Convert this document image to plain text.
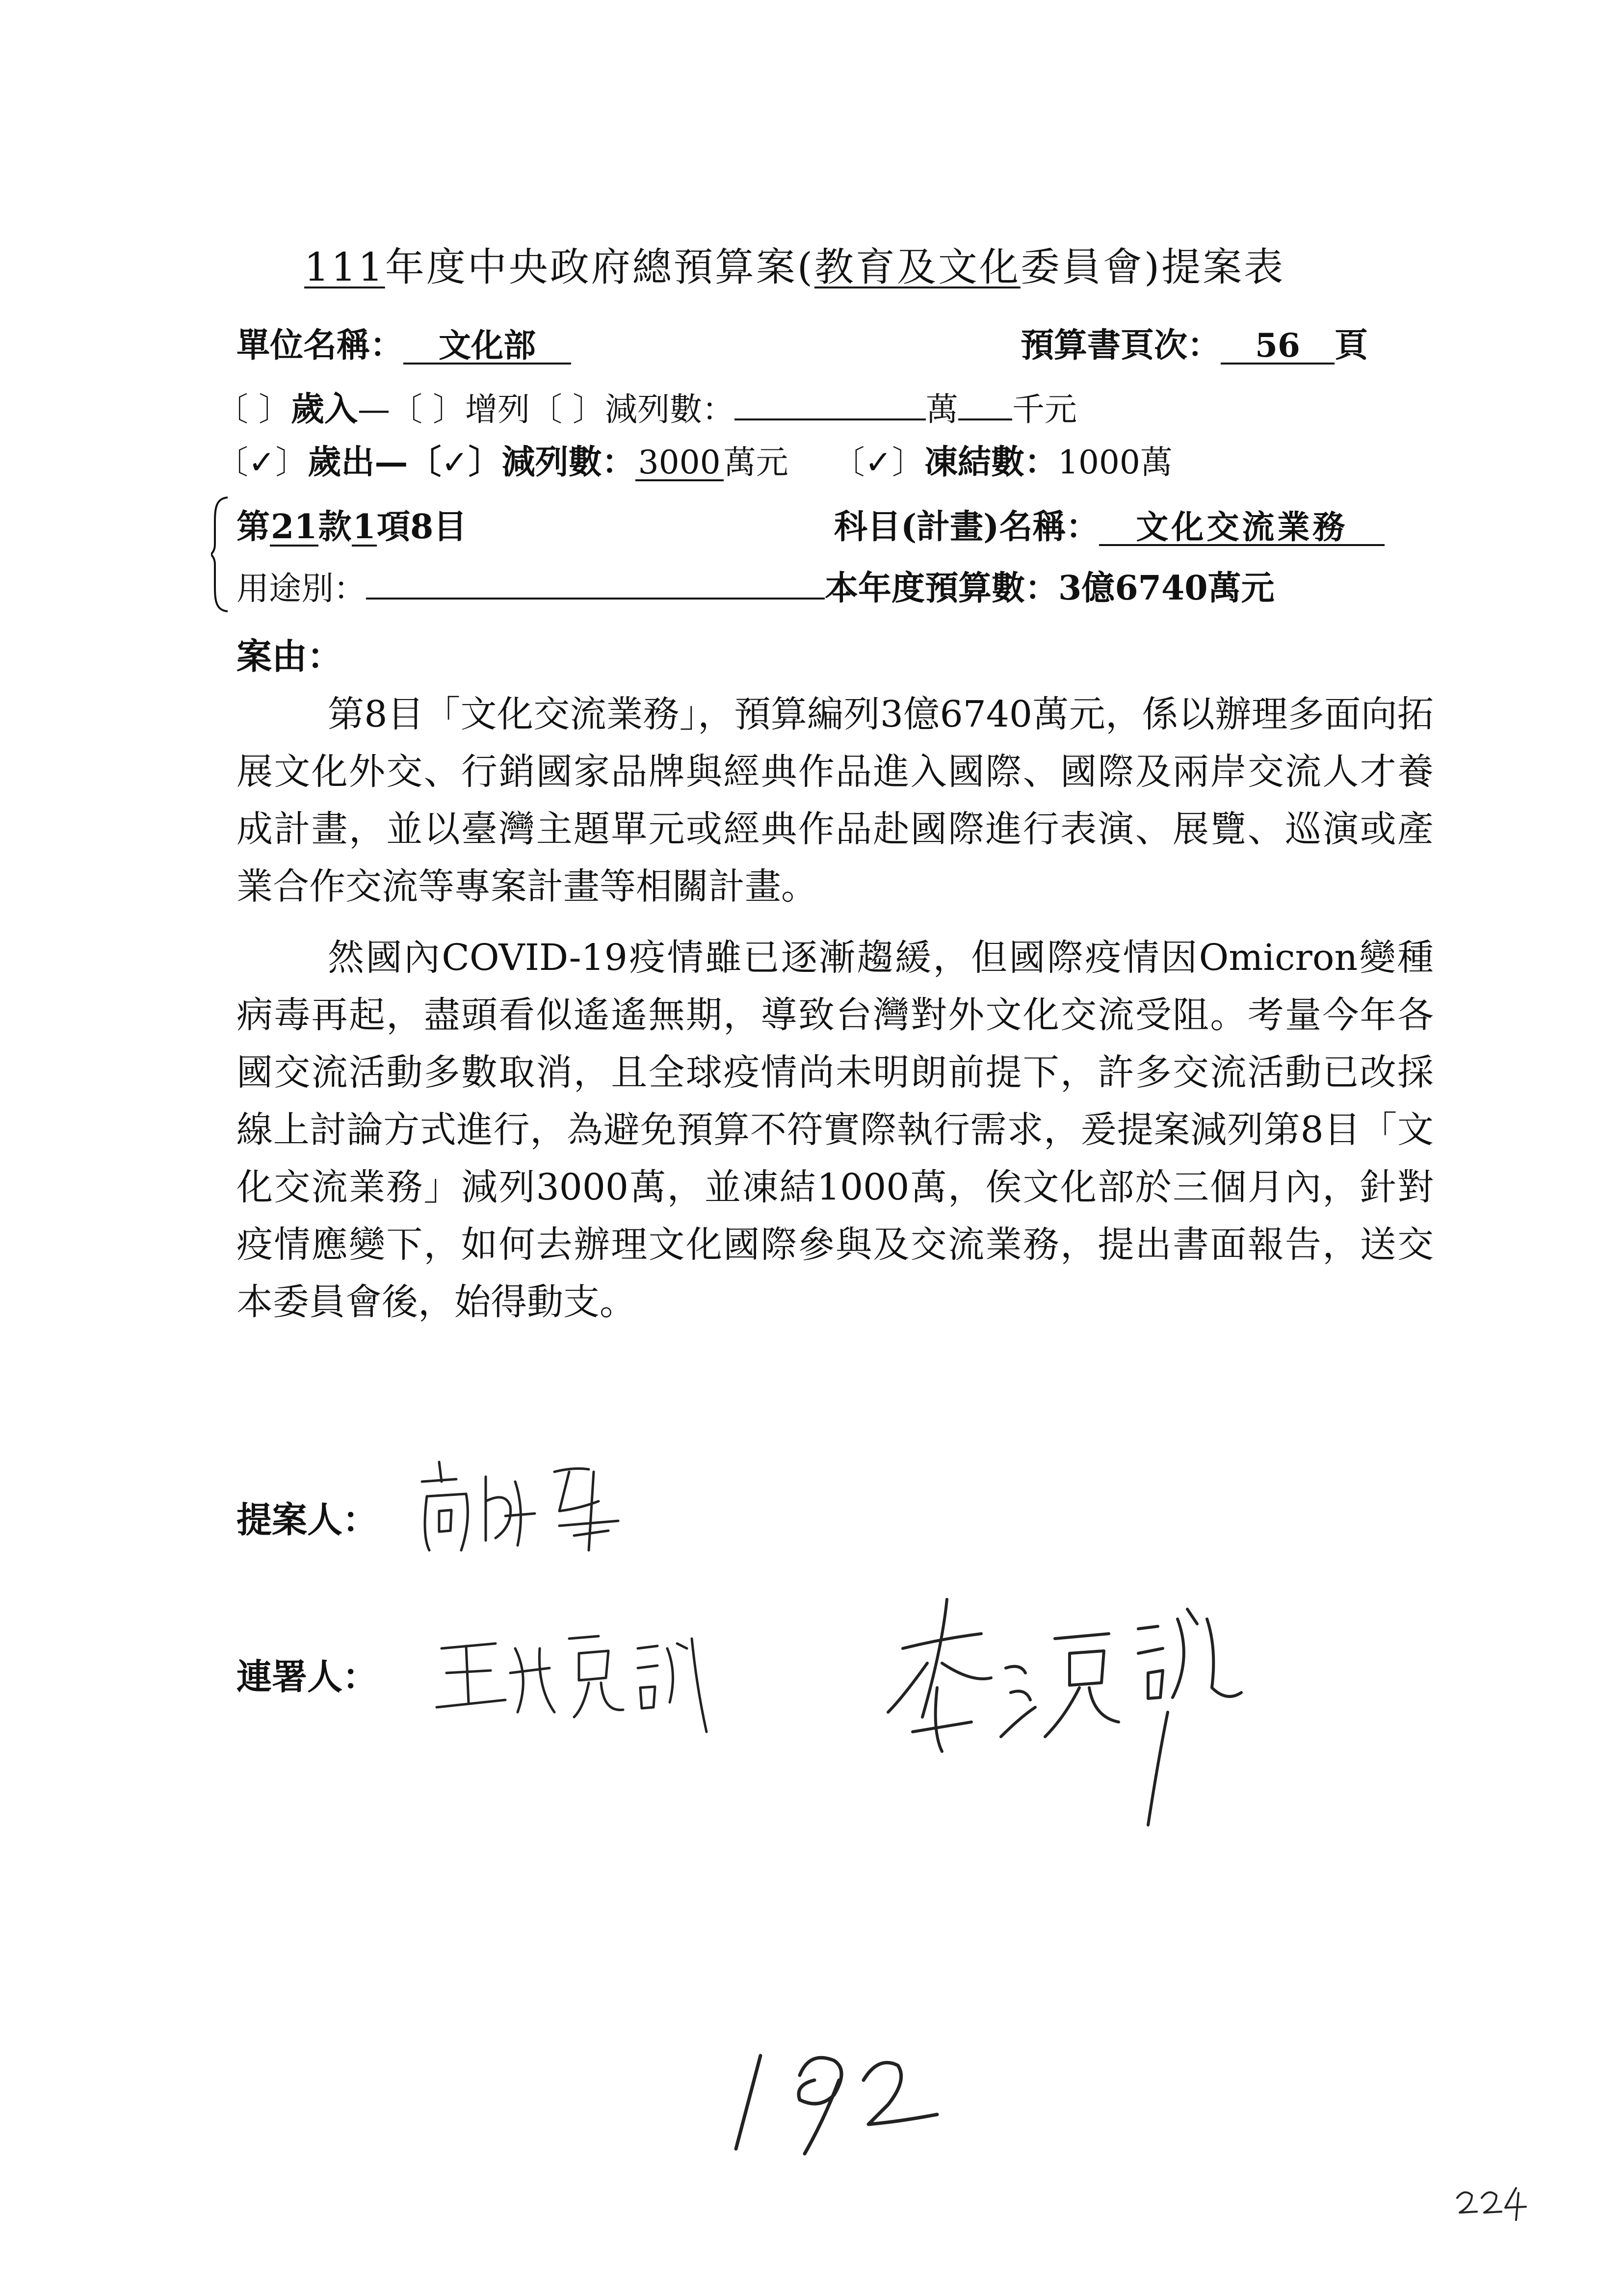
111年度中央政府總預算案(教育及文化委員會)提案表
單位名稱： 文化部	預算書頁次： 56 頁
〔 〕歲入—〔 〕增列〔 〕減列數：	萬 千元
〔✓〕歲出—〔✓〕減列數：3000萬元 〔✓〕凍結數：1000萬
第21款1項8目	科目(計畫)名稱： 文化交流業務
用途別：	本年度預算數：3億6740萬元
案由：

第8目「文化交流業務」，預算編列3億6740萬元，係以辦理多面向拓展文化外交、行銷國家品牌與經典作品進入國際、國際及兩岸交流人才養成計畫，並以臺灣主題單元或經典作品赴國際進行表演、展覽、巡演或產業合作交流等專案計畫等相關計畫。

然國內COVID-19疫情雖已逐漸趨緩，但國際疫情因Omicron變種病毒再起，盡頭看似遙遙無期，導致台灣對外文化交流受阻。考量今年各國交流活動多數取消，且全球疫情尚未明朗前提下，許多交流活動已改採線上討論方式進行，為避免預算不符實際執行需求，爰提案減列第8目「文化交流業務」減列3000萬，並凍結1000萬，俟文化部於三個月內，針對疫情應變下，如何去辦理文化國際參與及交流業務，提出書面報告，送交本委員會後，始得動支。

提案人：
連署人：
